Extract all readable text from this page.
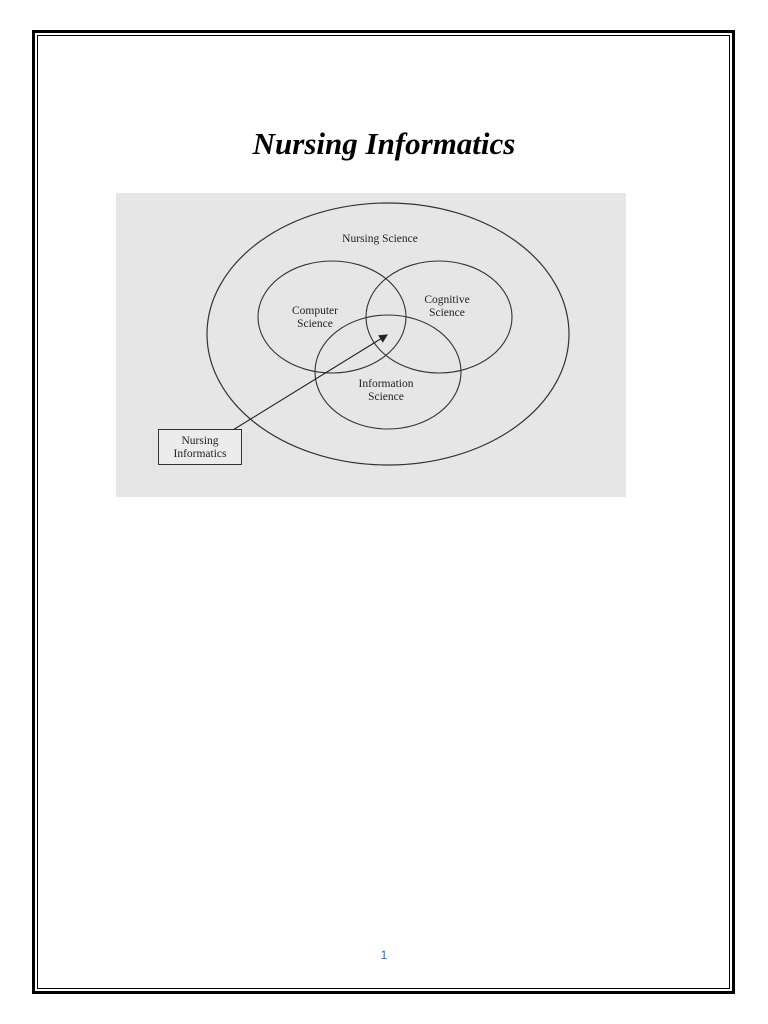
Nursing Informatics
Nursing Science
Computer
Science
Cognitive
Science
Information
Science
Nursing
Informatics
1
